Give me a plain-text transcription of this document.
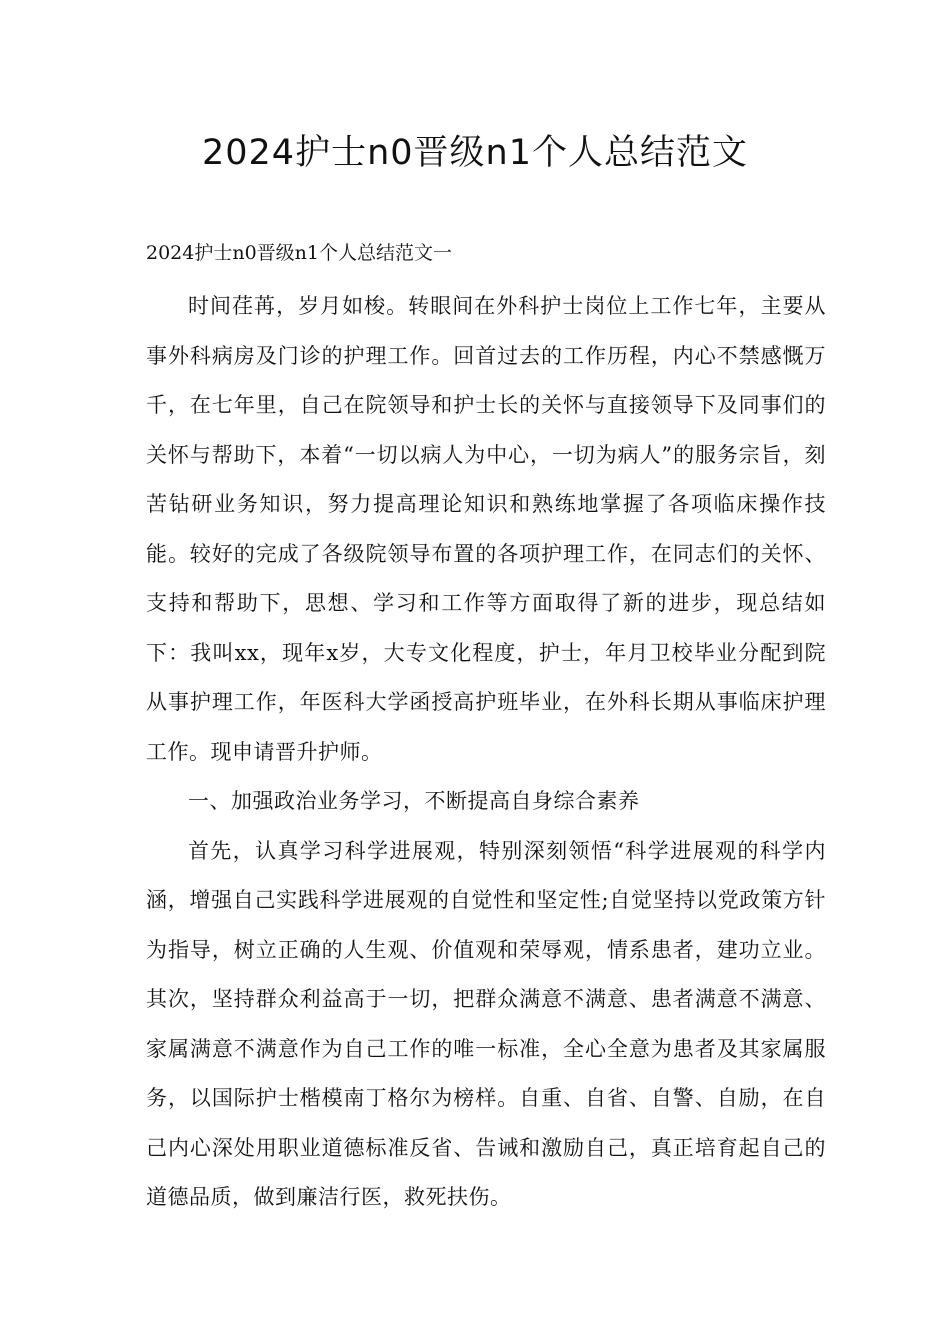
2024护士n0晋级n1个人总结范文

2024护士n0晋级n1个人总结范文一

时间荏苒，岁月如梭。转眼间在外科护士岗位上工作七年，主要从事外科病房及门诊的护理工作。回首过去的工作历程，内心不禁感慨万千，在七年里，自己在院领导和护士长的关怀与直接领导下及同事们的关怀与帮助下，本着“一切以病人为中心，一切为病人”的服务宗旨，刻苦钻研业务知识，努力提高理论知识和熟练地掌握了各项临床操作技能。较好的完成了各级院领导布置的各项护理工作，在同志们的关怀、支持和帮助下，思想、学习和工作等方面取得了新的进步，现总结如下：我叫xx，现年x岁，大专文化程度，护士，年月卫校毕业分配到院从事护理工作，年医科大学函授高护班毕业，在外科长期从事临床护理工作。现申请晋升护师。

一、加强政治业务学习，不断提高自身综合素养

首先，认真学习科学进展观，特别深刻领悟“科学进展观的科学内涵，增强自己实践科学进展观的自觉性和坚定性;自觉坚持以党政策方针为指导，树立正确的人生观、价值观和荣辱观，情系患者，建功立业。 其次，坚持群众利益高于一切，把群众满意不满意、患者满意不满意、家属满意不满意作为自己工作的唯一标准，全心全意为患者及其家属服务，以国际护士楷模南丁格尔为榜样。自重、自省、自警、自励，在自己内心深处用职业道德标准反省、告诫和激励自己，真正培育起自己的道德品质，做到廉洁行医，救死扶伤。
